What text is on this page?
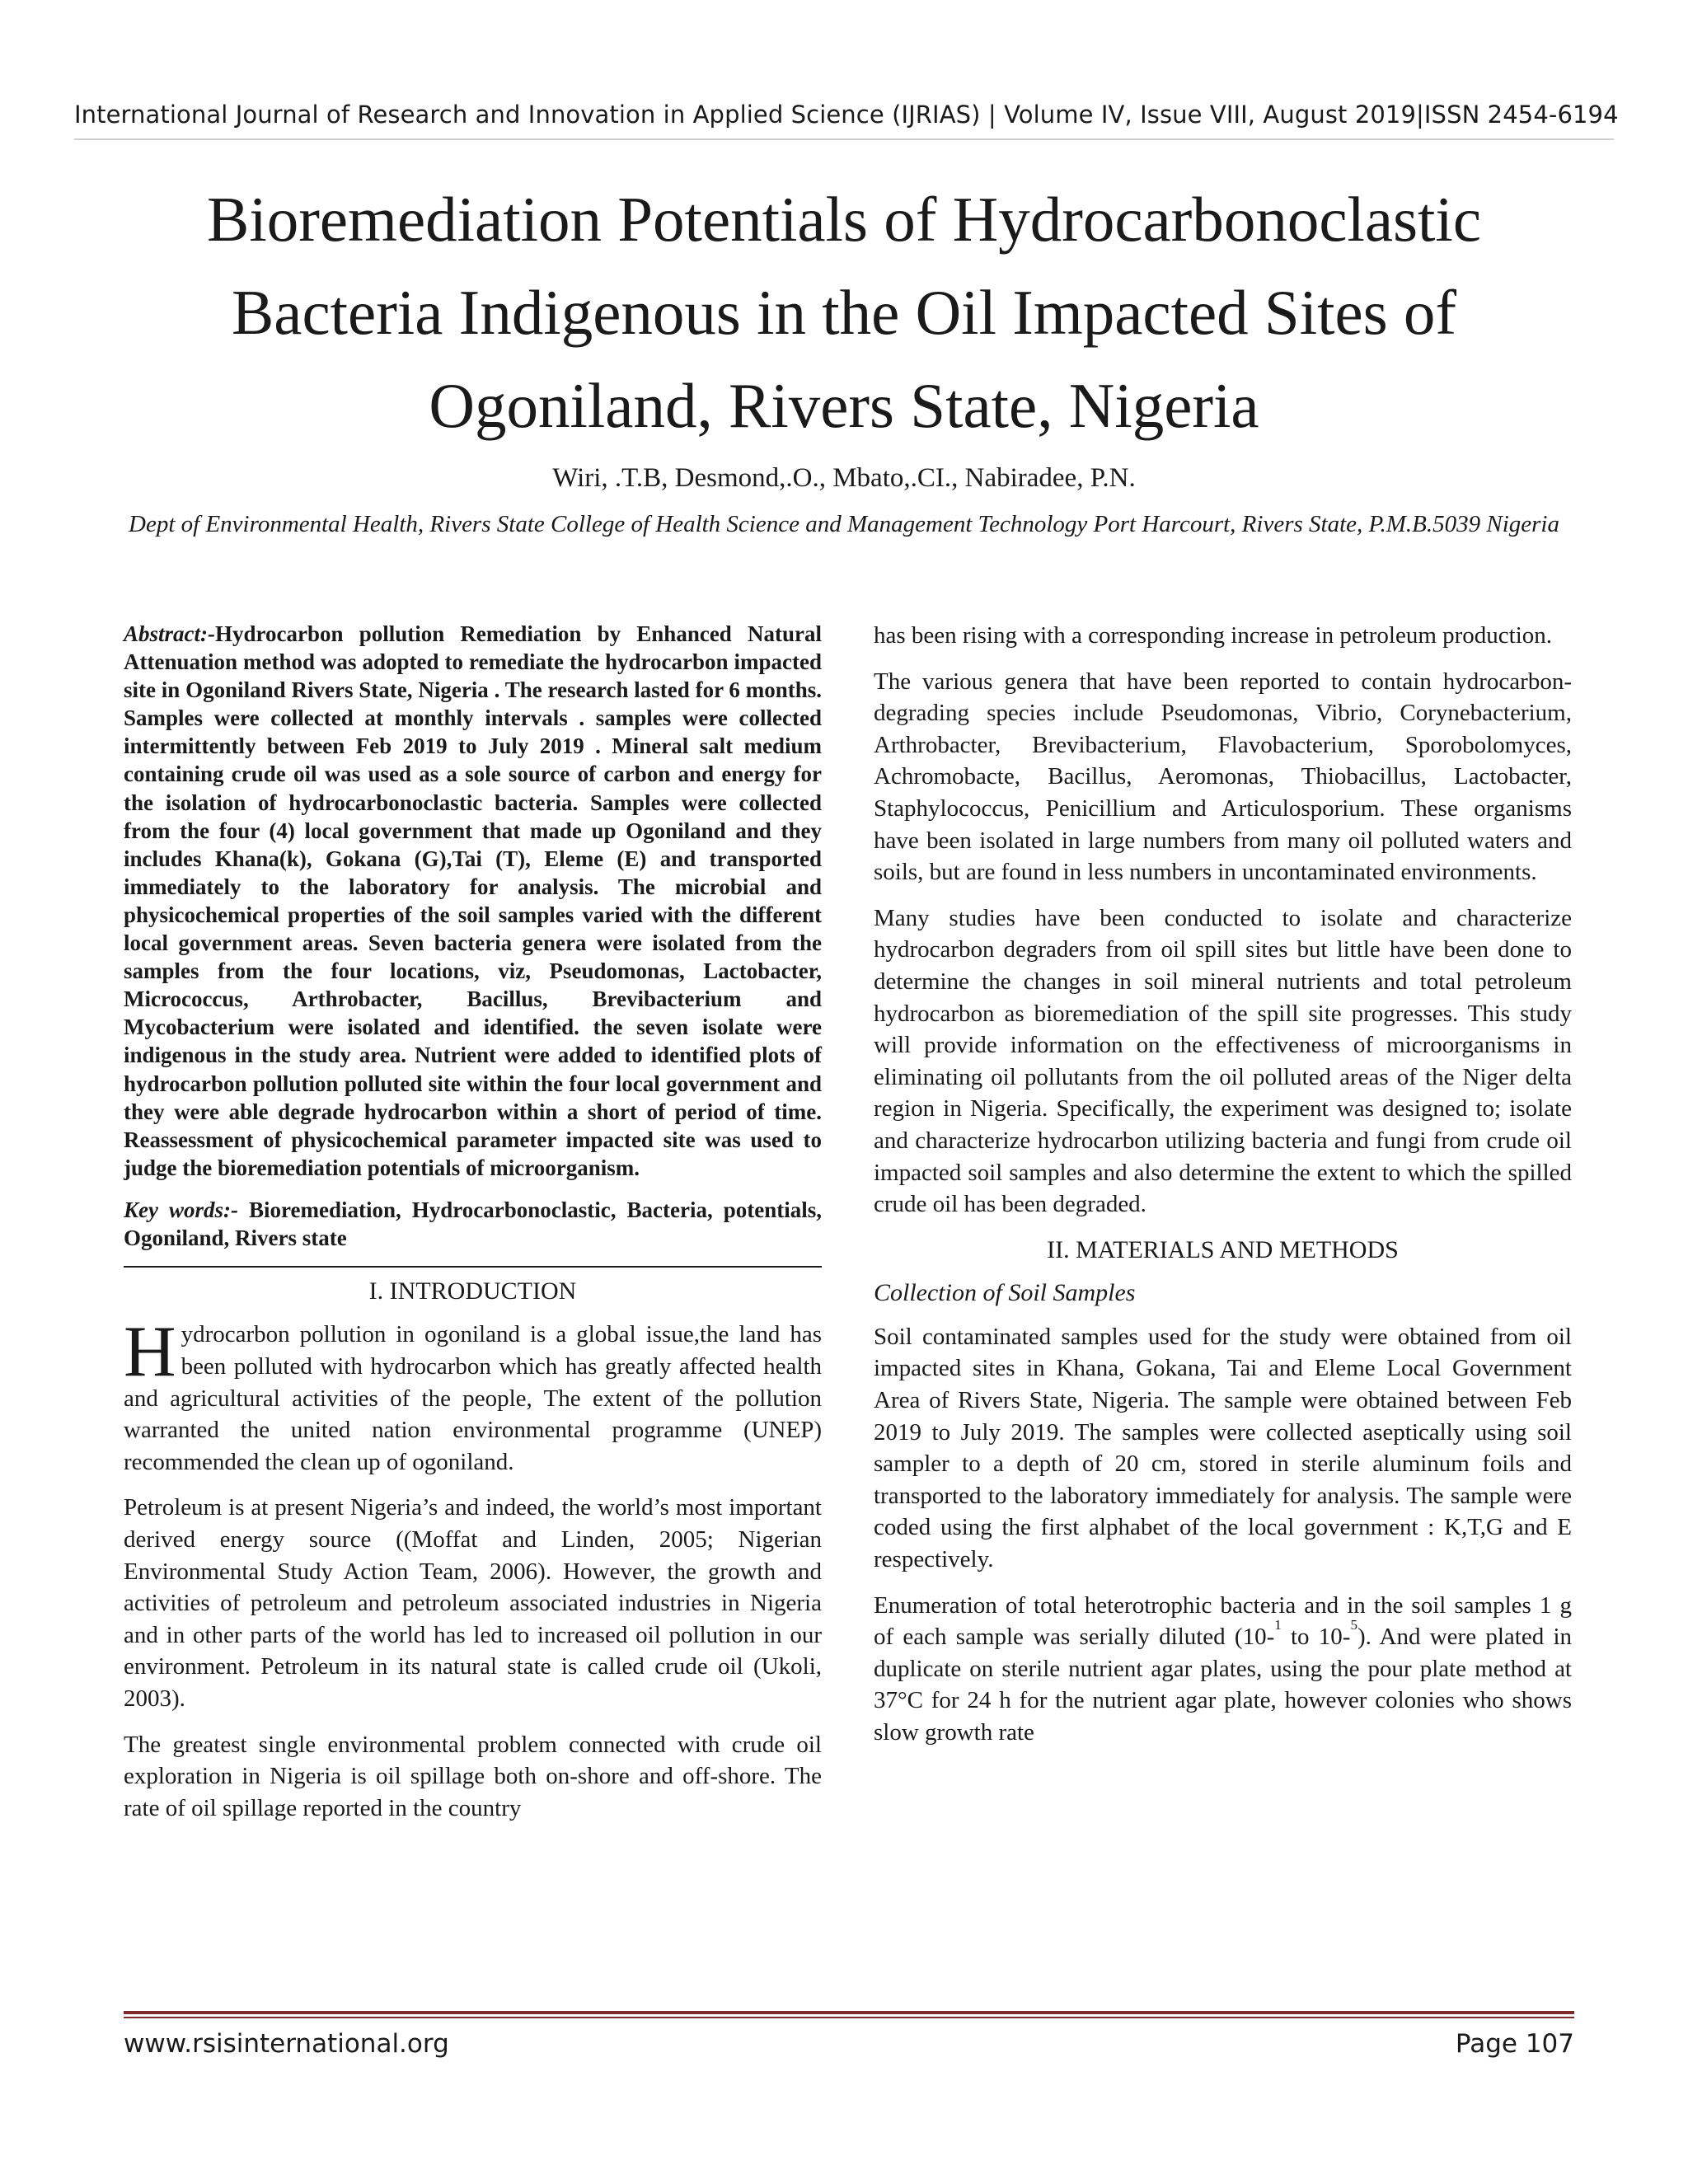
International Journal of Research and Innovation in Applied Science (IJRIAS) | Volume IV, Issue VIII, August 2019|ISSN 2454-6194
Bioremediation Potentials of Hydrocarbonoclastic Bacteria Indigenous in the Oil Impacted Sites of Ogoniland, Rivers State, Nigeria
Wiri, .T.B, Desmond,.O., Mbato,.CI., Nabiradee, P.N.
Dept of Environmental Health, Rivers State College of Health Science and Management Technology Port Harcourt, Rivers State, P.M.B.5039 Nigeria

Abstract:-Hydrocarbon pollution Remediation by Enhanced Natural Attenuation method was adopted to remediate the hydrocarbon impacted site in Ogoniland Rivers State, Nigeria . The research lasted for 6 months. Samples were collected at monthly intervals . samples were collected intermittently between Feb 2019 to July 2019 . Mineral salt medium containing crude oil was used as a sole source of carbon and energy for the isolation of hydrocarbonoclastic bacteria. Samples were collected from the four (4) local government that made up Ogoniland and they includes Khana(k), Gokana (G),Tai (T), Eleme (E) and transported immediately to the laboratory for analysis. The microbial and physicochemical properties of the soil samples varied with the different local government areas. Seven bacteria genera were isolated from the samples from the four locations, viz, Pseudomonas, Lactobacter, Micrococcus, Arthrobacter, Bacillus, Brevibacterium and Mycobacterium were isolated and identified. the seven isolate were indigenous in the study area. Nutrient were added to identified plots of hydrocarbon pollution polluted site within the four local government and they were able degrade hydrocarbon within a short of period of time. Reassessment of physicochemical parameter impacted site was used to judge the bioremediation potentials of microorganism.

Key words:- Bioremediation, Hydrocarbonoclastic, Bacteria, potentials, Ogoniland, Rivers state

I. INTRODUCTION

Hydrocarbon pollution in ogoniland is a global issue,the land has been polluted with hydrocarbon which has greatly affected health and agricultural activities of the people, The extent of the pollution warranted the united nation environmental programme (UNEP) recommended the clean up of ogoniland.

Petroleum is at present Nigeria’s and indeed, the world’s most important derived energy source ((Moffat and Linden, 2005; Nigerian Environmental Study Action Team, 2006). However, the growth and activities of petroleum and petroleum associated industries in Nigeria and in other parts of the world has led to increased oil pollution in our environment. Petroleum in its natural state is called crude oil (Ukoli, 2003).

The greatest single environmental problem connected with crude oil exploration in Nigeria is oil spillage both on-shore and off-shore. The rate of oil spillage reported in the country

has been rising with a corresponding increase in petroleum production.

The various genera that have been reported to contain hydrocarbon-degrading species include Pseudomonas, Vibrio, Corynebacterium, Arthrobacter, Brevibacterium, Flavobacterium, Sporobolomyces, Achromobacte, Bacillus, Aeromonas, Thiobacillus, Lactobacter, Staphylococcus, Penicillium and Articulosporium. These organisms have been isolated in large numbers from many oil polluted waters and soils, but are found in less numbers in uncontaminated environments.

Many studies have been conducted to isolate and characterize hydrocarbon degraders from oil spill sites but little have been done to determine the changes in soil mineral nutrients and total petroleum hydrocarbon as bioremediation of the spill site progresses. This study will provide information on the effectiveness of microorganisms in eliminating oil pollutants from the oil polluted areas of the Niger delta region in Nigeria. Specifically, the experiment was designed to; isolate and characterize hydrocarbon utilizing bacteria and fungi from crude oil impacted soil samples and also determine the extent to which the spilled crude oil has been degraded.

II. MATERIALS AND METHODS
Collection of Soil Samples

Soil contaminated samples used for the study were obtained from oil impacted sites in Khana, Gokana, Tai and Eleme Local Government Area of Rivers State, Nigeria. The sample were obtained between Feb 2019 to July 2019. The samples were collected aseptically using soil sampler to a depth of 20 cm, stored in sterile aluminum foils and transported to the laboratory immediately for analysis. The sample were coded using the first alphabet of the local government : K,T,G and E respectively.

Enumeration of total heterotrophic bacteria and in the soil samples 1 g of each sample was serially diluted (10-$^1$ to 10-$^5$). And were plated in duplicate on sterile nutrient agar plates, using the pour plate method at 37°C for 24 h for the nutrient agar plate, however colonies who shows slow growth rate

www.rsisinternational.org	Page 107
